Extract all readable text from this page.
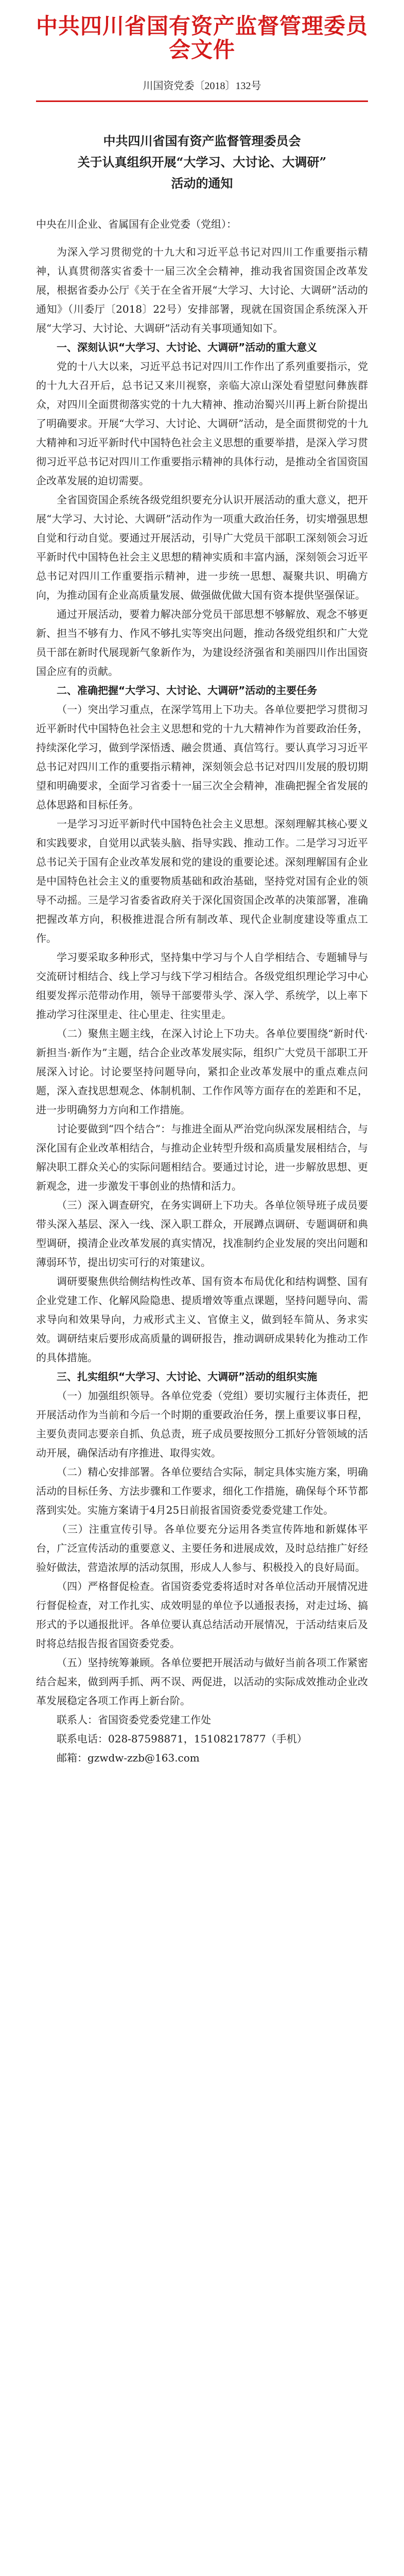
中共四川省国有资产监督管理委员会文件
川国资党委〔2018〕132号
中共四川省国有资产监督管理委员会
关于认真组织开展“大学习、大讨论、大调研”
活动的通知
中央在川企业、省属国有企业党委（党组）：

为深入学习贯彻党的十九大和习近平总书记对四川工作重要指示精神，认真贯彻落实省委十一届三次全会精神，推动我省国资国企改革发展，根据省委办公厅《关于在全省开展“大学习、大讨论、大调研”活动的通知》（川委厅〔2018〕22号）安排部署，现就在国资国企系统深入开展“大学习、大讨论、大调研”活动有关事项通知如下。

一、深刻认识“大学习、大讨论、大调研”活动的重大意义

党的十八大以来，习近平总书记对四川工作作出了系列重要指示，党的十九大召开后，总书记又来川视察，亲临大凉山深处看望慰问彝族群众，对四川全面贯彻落实党的十九大精神、推动治蜀兴川再上新台阶提出了明确要求。开展“大学习、大讨论、大调研”活动，是全面贯彻党的十九大精神和习近平新时代中国特色社会主义思想的重要举措，是深入学习贯彻习近平总书记对四川工作重要指示精神的具体行动，是推动全省国资国企改革发展的迫切需要。

全省国资国企系统各级党组织要充分认识开展活动的重大意义，把开展“大学习、大讨论、大调研”活动作为一项重大政治任务，切实增强思想自觉和行动自觉。要通过开展活动，引导广大党员干部职工深刻领会习近平新时代中国特色社会主义思想的精神实质和丰富内涵，深刻领会习近平总书记对四川工作重要指示精神，进一步统一思想、凝聚共识、明确方向，为推动国有企业高质量发展、做强做优做大国有资本提供坚强保证。

通过开展活动，要着力解决部分党员干部思想不够解放、观念不够更新、担当不够有力、作风不够扎实等突出问题，推动各级党组织和广大党员干部在新时代展现新气象新作为，为建设经济强省和美丽四川作出国资国企应有的贡献。

二、准确把握“大学习、大讨论、大调研”活动的主要任务

（一）突出学习重点，在深学笃用上下功夫。各单位要把学习贯彻习近平新时代中国特色社会主义思想和党的十九大精神作为首要政治任务，持续深化学习，做到学深悟透、融会贯通、真信笃行。要认真学习习近平总书记对四川工作的重要指示精神，深刻领会总书记对四川发展的殷切期望和明确要求，全面学习省委十一届三次全会精神，准确把握全省发展的总体思路和目标任务。

一是学习习近平新时代中国特色社会主义思想。深刻理解其核心要义和实践要求，自觉用以武装头脑、指导实践、推动工作。二是学习习近平总书记关于国有企业改革发展和党的建设的重要论述。深刻理解国有企业是中国特色社会主义的重要物质基础和政治基础，坚持党对国有企业的领导不动摇。三是学习省委省政府关于深化国资国企改革的决策部署，准确把握改革方向，积极推进混合所有制改革、现代企业制度建设等重点工作。

学习要采取多种形式，坚持集中学习与个人自学相结合、专题辅导与交流研讨相结合、线上学习与线下学习相结合。各级党组织理论学习中心组要发挥示范带动作用，领导干部要带头学、深入学、系统学，以上率下推动学习往深里走、往心里走、往实里走。

（二）聚焦主题主线，在深入讨论上下功夫。各单位要围绕“新时代·新担当·新作为”主题，结合企业改革发展实际，组织广大党员干部职工开展深入讨论。讨论要坚持问题导向，紧扣企业改革发展中的重点难点问题，深入查找思想观念、体制机制、工作作风等方面存在的差距和不足，进一步明确努力方向和工作措施。

讨论要做到“四个结合”：与推进全面从严治党向纵深发展相结合，与深化国有企业改革相结合，与推动企业转型升级和高质量发展相结合，与解决职工群众关心的实际问题相结合。要通过讨论，进一步解放思想、更新观念，进一步激发干事创业的热情和活力。

（三）深入调查研究，在务实调研上下功夫。各单位领导班子成员要带头深入基层、深入一线、深入职工群众，开展蹲点调研、专题调研和典型调研，摸清企业改革发展的真实情况，找准制约企业发展的突出问题和薄弱环节，提出切实可行的对策建议。

调研要聚焦供给侧结构性改革、国有资本布局优化和结构调整、国有企业党建工作、化解风险隐患、提质增效等重点课题，坚持问题导向、需求导向和效果导向，力戒形式主义、官僚主义，做到轻车简从、务求实效。调研结束后要形成高质量的调研报告，推动调研成果转化为推动工作的具体措施。

三、扎实组织“大学习、大讨论、大调研”活动的组织实施

（一）加强组织领导。各单位党委（党组）要切实履行主体责任，把开展活动作为当前和今后一个时期的重要政治任务，摆上重要议事日程，主要负责同志要亲自抓、负总责，班子成员要按照分工抓好分管领域的活动开展，确保活动有序推进、取得实效。

（二）精心安排部署。各单位要结合实际，制定具体实施方案，明确活动的目标任务、方法步骤和工作要求，细化工作措施，确保每个环节都落到实处。实施方案请于4月25日前报省国资委党委党建工作处。

（三）注重宣传引导。各单位要充分运用各类宣传阵地和新媒体平台，广泛宣传活动的重要意义、主要任务和进展成效，及时总结推广好经验好做法，营造浓厚的活动氛围，形成人人参与、积极投入的良好局面。

（四）严格督促检查。省国资委党委将适时对各单位活动开展情况进行督促检查，对工作扎实、成效明显的单位予以通报表扬，对走过场、搞形式的予以通报批评。各单位要认真总结活动开展情况，于活动结束后及时将总结报告报省国资委党委。

（五）坚持统筹兼顾。各单位要把开展活动与做好当前各项工作紧密结合起来，做到两手抓、两不误、两促进，以活动的实际成效推动企业改革发展稳定各项工作再上新台阶。

联系人：省国资委党委党建工作处

联系电话：028-87598871，15108217877（手机）

邮箱：gzwdw-zzb@163.com
